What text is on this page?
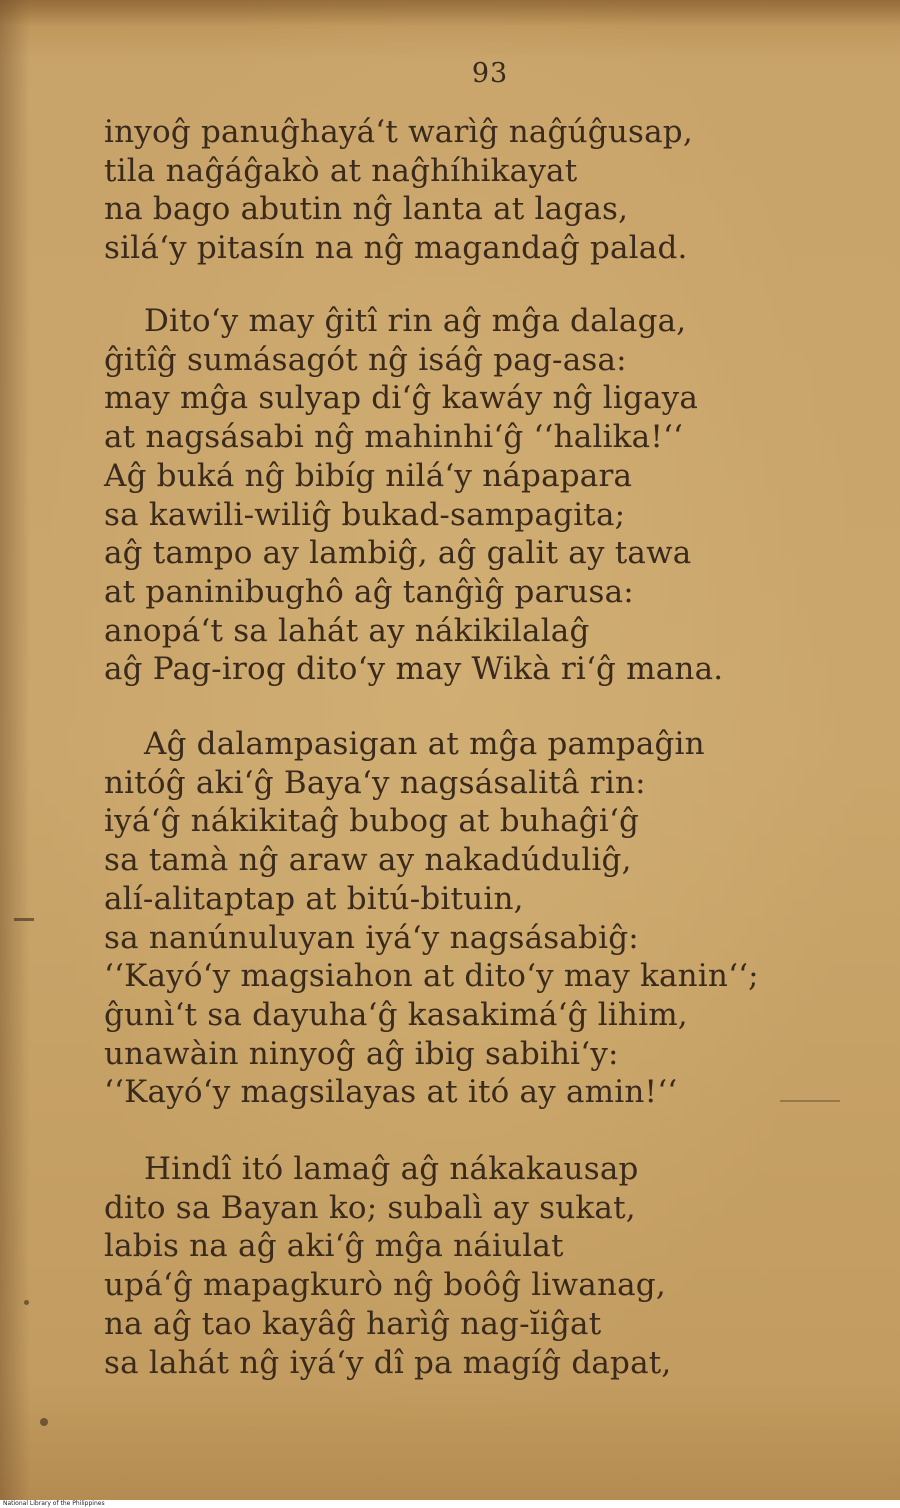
93
inyoĝ panuĝhayá‘t warìĝ naĝúĝusap,
tila naĝáĝakò at naĝhíhikayat
na bago abutin nĝ lanta at lagas,
silá‘y pitasín na nĝ magandaĝ palad.
Dito‘y may ĝitî rin aĝ mĝa dalaga,
ĝitîĝ sumásagót nĝ isáĝ pag-asa:
may mĝa sulyap di‘ĝ kawáy nĝ ligaya
at nagsásabi nĝ mahinhi‘ĝ ‘‘halika!‘‘
Aĝ buká nĝ bibíg nilá‘y nápapara
sa kawili-wiliĝ bukad-sampagita;
aĝ tampo ay lambiĝ, aĝ galit ay tawa
at paninibughô aĝ tanĝìĝ parusa:
anopá‘t sa lahát ay nákikilalaĝ
aĝ Pag-irog dito‘y may Wikà ri‘ĝ mana.
Aĝ dalampasigan at mĝa pampaĝin
nitóĝ aki‘ĝ Baya‘y nagsásalitâ rin:
iyá‘ĝ nákikitaĝ bubog at buhaĝi‘ĝ
sa tamà nĝ araw ay nakadúduliĝ,
alí-alitaptap at bitú-bituin,
sa nanúnuluyan iyá‘y nagsásabiĝ:
‘‘Kayó‘y magsiahon at dito‘y may kanin‘‘;
ĝunì‘t sa dayuha‘ĝ kasakimá‘ĝ lihim,
unawàin ninyoĝ aĝ ibig sabihi‘y:
‘‘Kayó‘y magsilayas at itó ay amin!‘‘
Hindî itó lamaĝ aĝ nákakausap
dito sa Bayan ko; subalì ay sukat,
labis na aĝ aki‘ĝ mĝa náiulat
upá‘ĝ mapagkurò nĝ boôĝ liwanag,
na aĝ tao kayâĝ harìĝ nag-ĭiĝat
sa lahát nĝ iyá‘y dî pa magíĝ dapat,
National Library of the Philippines
